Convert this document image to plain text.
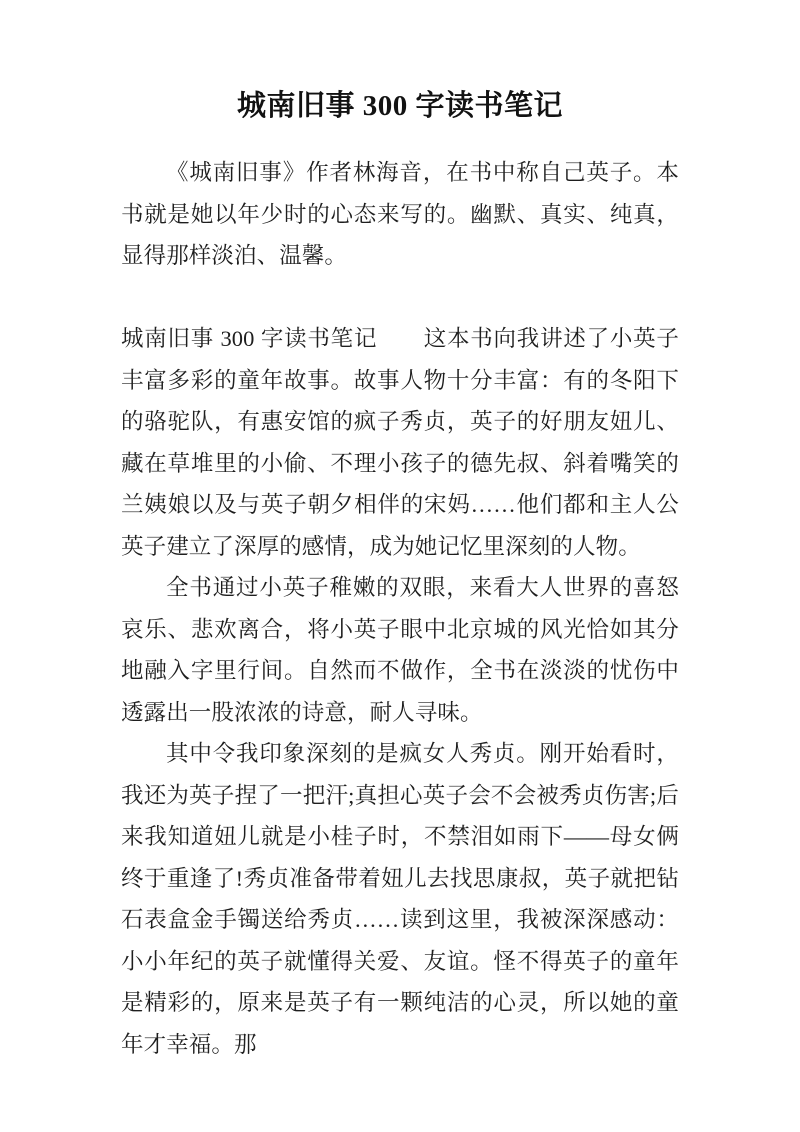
城南旧事 300 字读书笔记

《城南旧事》作者林海音，在书中称自己英子。本书就是她以年少时的心态来写的。幽默、真实、纯真，显得那样淡泊、温馨。

城南旧事 300 字读书笔记　　这本书向我讲述了小英子丰富多彩的童年故事。故事人物十分丰富：有的冬阳下的骆驼队，有惠安馆的疯子秀贞，英子的好朋友妞儿、藏在草堆里的小偷、不理小孩子的德先叔、斜着嘴笑的兰姨娘以及与英子朝夕相伴的宋妈……他们都和主人公英子建立了深厚的感情，成为她记忆里深刻的人物。

全书通过小英子稚嫩的双眼，来看大人世界的喜怒哀乐、悲欢离合，将小英子眼中北京城的风光恰如其分地融入字里行间。自然而不做作，全书在淡淡的忧伤中透露出一股浓浓的诗意，耐人寻味。

其中令我印象深刻的是疯女人秀贞。刚开始看时，我还为英子捏了一把汗;真担心英子会不会被秀贞伤害;后来我知道妞儿就是小桂子时，不禁泪如雨下——母女俩终于重逢了!秀贞准备带着妞儿去找思康叔，英子就把钻石表盒金手镯送给秀贞……读到这里，我被深深感动：小小年纪的英子就懂得关爱、友谊。怪不得英子的童年是精彩的，原来是英子有一颗纯洁的心灵，所以她的童年才幸福。那
